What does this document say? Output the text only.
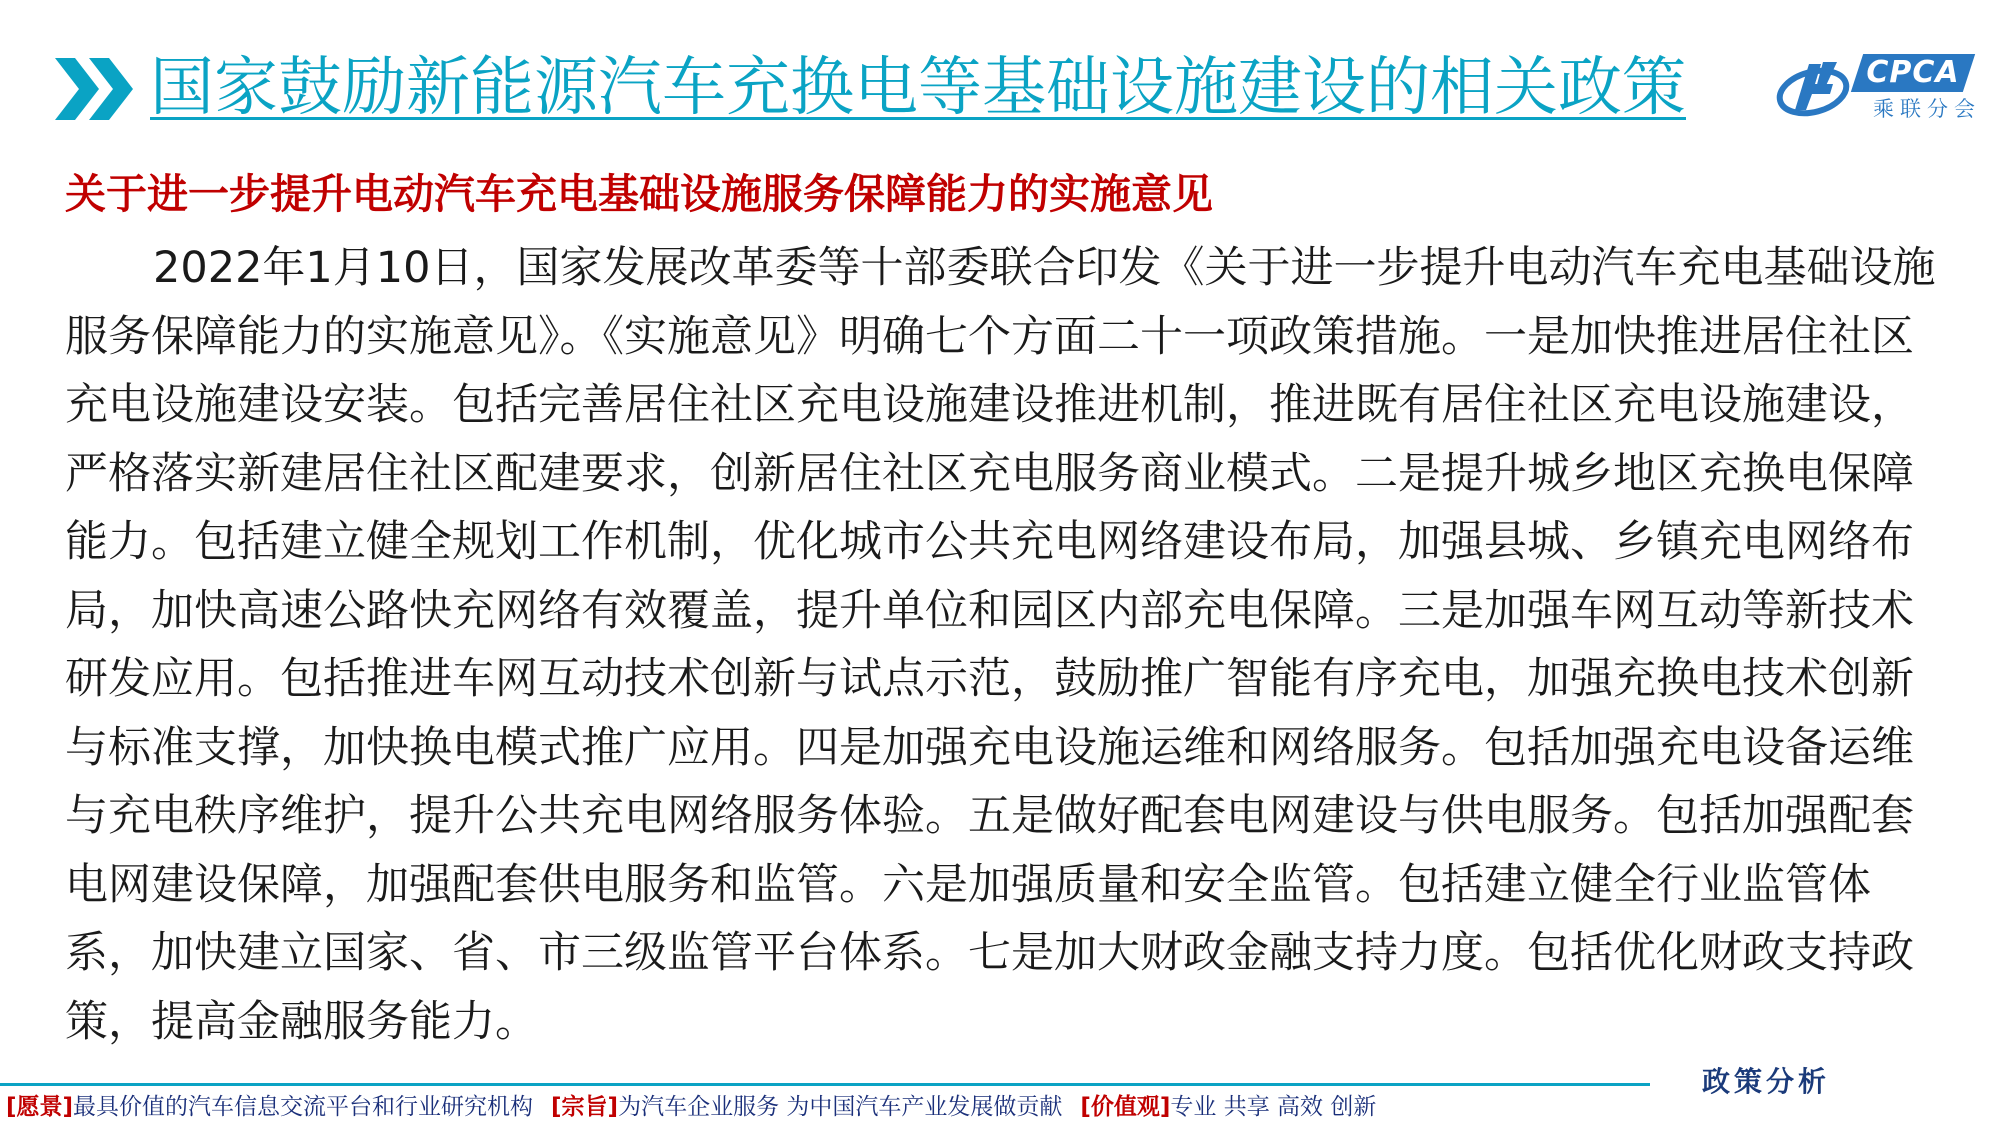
国家鼓励新能源汽车充换电等基础设施建设的相关政策	CPCA
乘联分会
关于进一步提升电动汽车充电基础设施服务保障能力的实施意见

2022年1月10日，国家发展改革委等十部委联合印发《关于进一步提升电动汽车充电基础设施服务保障能力的实施意见》。《实施意见》明确七个方面二十一项政策措施。一是加快推进居住社区充电设施建设安装。包括完善居住社区充电设施建设推进机制，推进既有居住社区充电设施建设，严格落实新建居住社区配建要求，创新居住社区充电服务商业模式。二是提升城乡地区充换电保障能力。包括建立健全规划工作机制，优化城市公共充电网络建设布局，加强县城、乡镇充电网络布局，加快高速公路快充网络有效覆盖，提升单位和园区内部充电保障。三是加强车网互动等新技术研发应用。包括推进车网互动技术创新与试点示范，鼓励推广智能有序充电，加强充换电技术创新与标准支撑，加快换电模式推广应用。四是加强充电设施运维和网络服务。包括加强充电设备运维与充电秩序维护，提升公共充电网络服务体验。五是做好配套电网建设与供电服务。包括加强配套电网建设保障，加强配套供电服务和监管。六是加强质量和安全监管。包括建立健全行业监管体系，加快建立国家、省、市三级监管平台体系。七是加大财政金融支持力度。包括优化财政支持政策，提高金融服务能力。

政策分析
[愿景]最具价值的汽车信息交流平台和行业研究机构 [宗旨]为汽车企业服务 为中国汽车产业发展做贡献 [价值观]专业 共享 高效 创新
